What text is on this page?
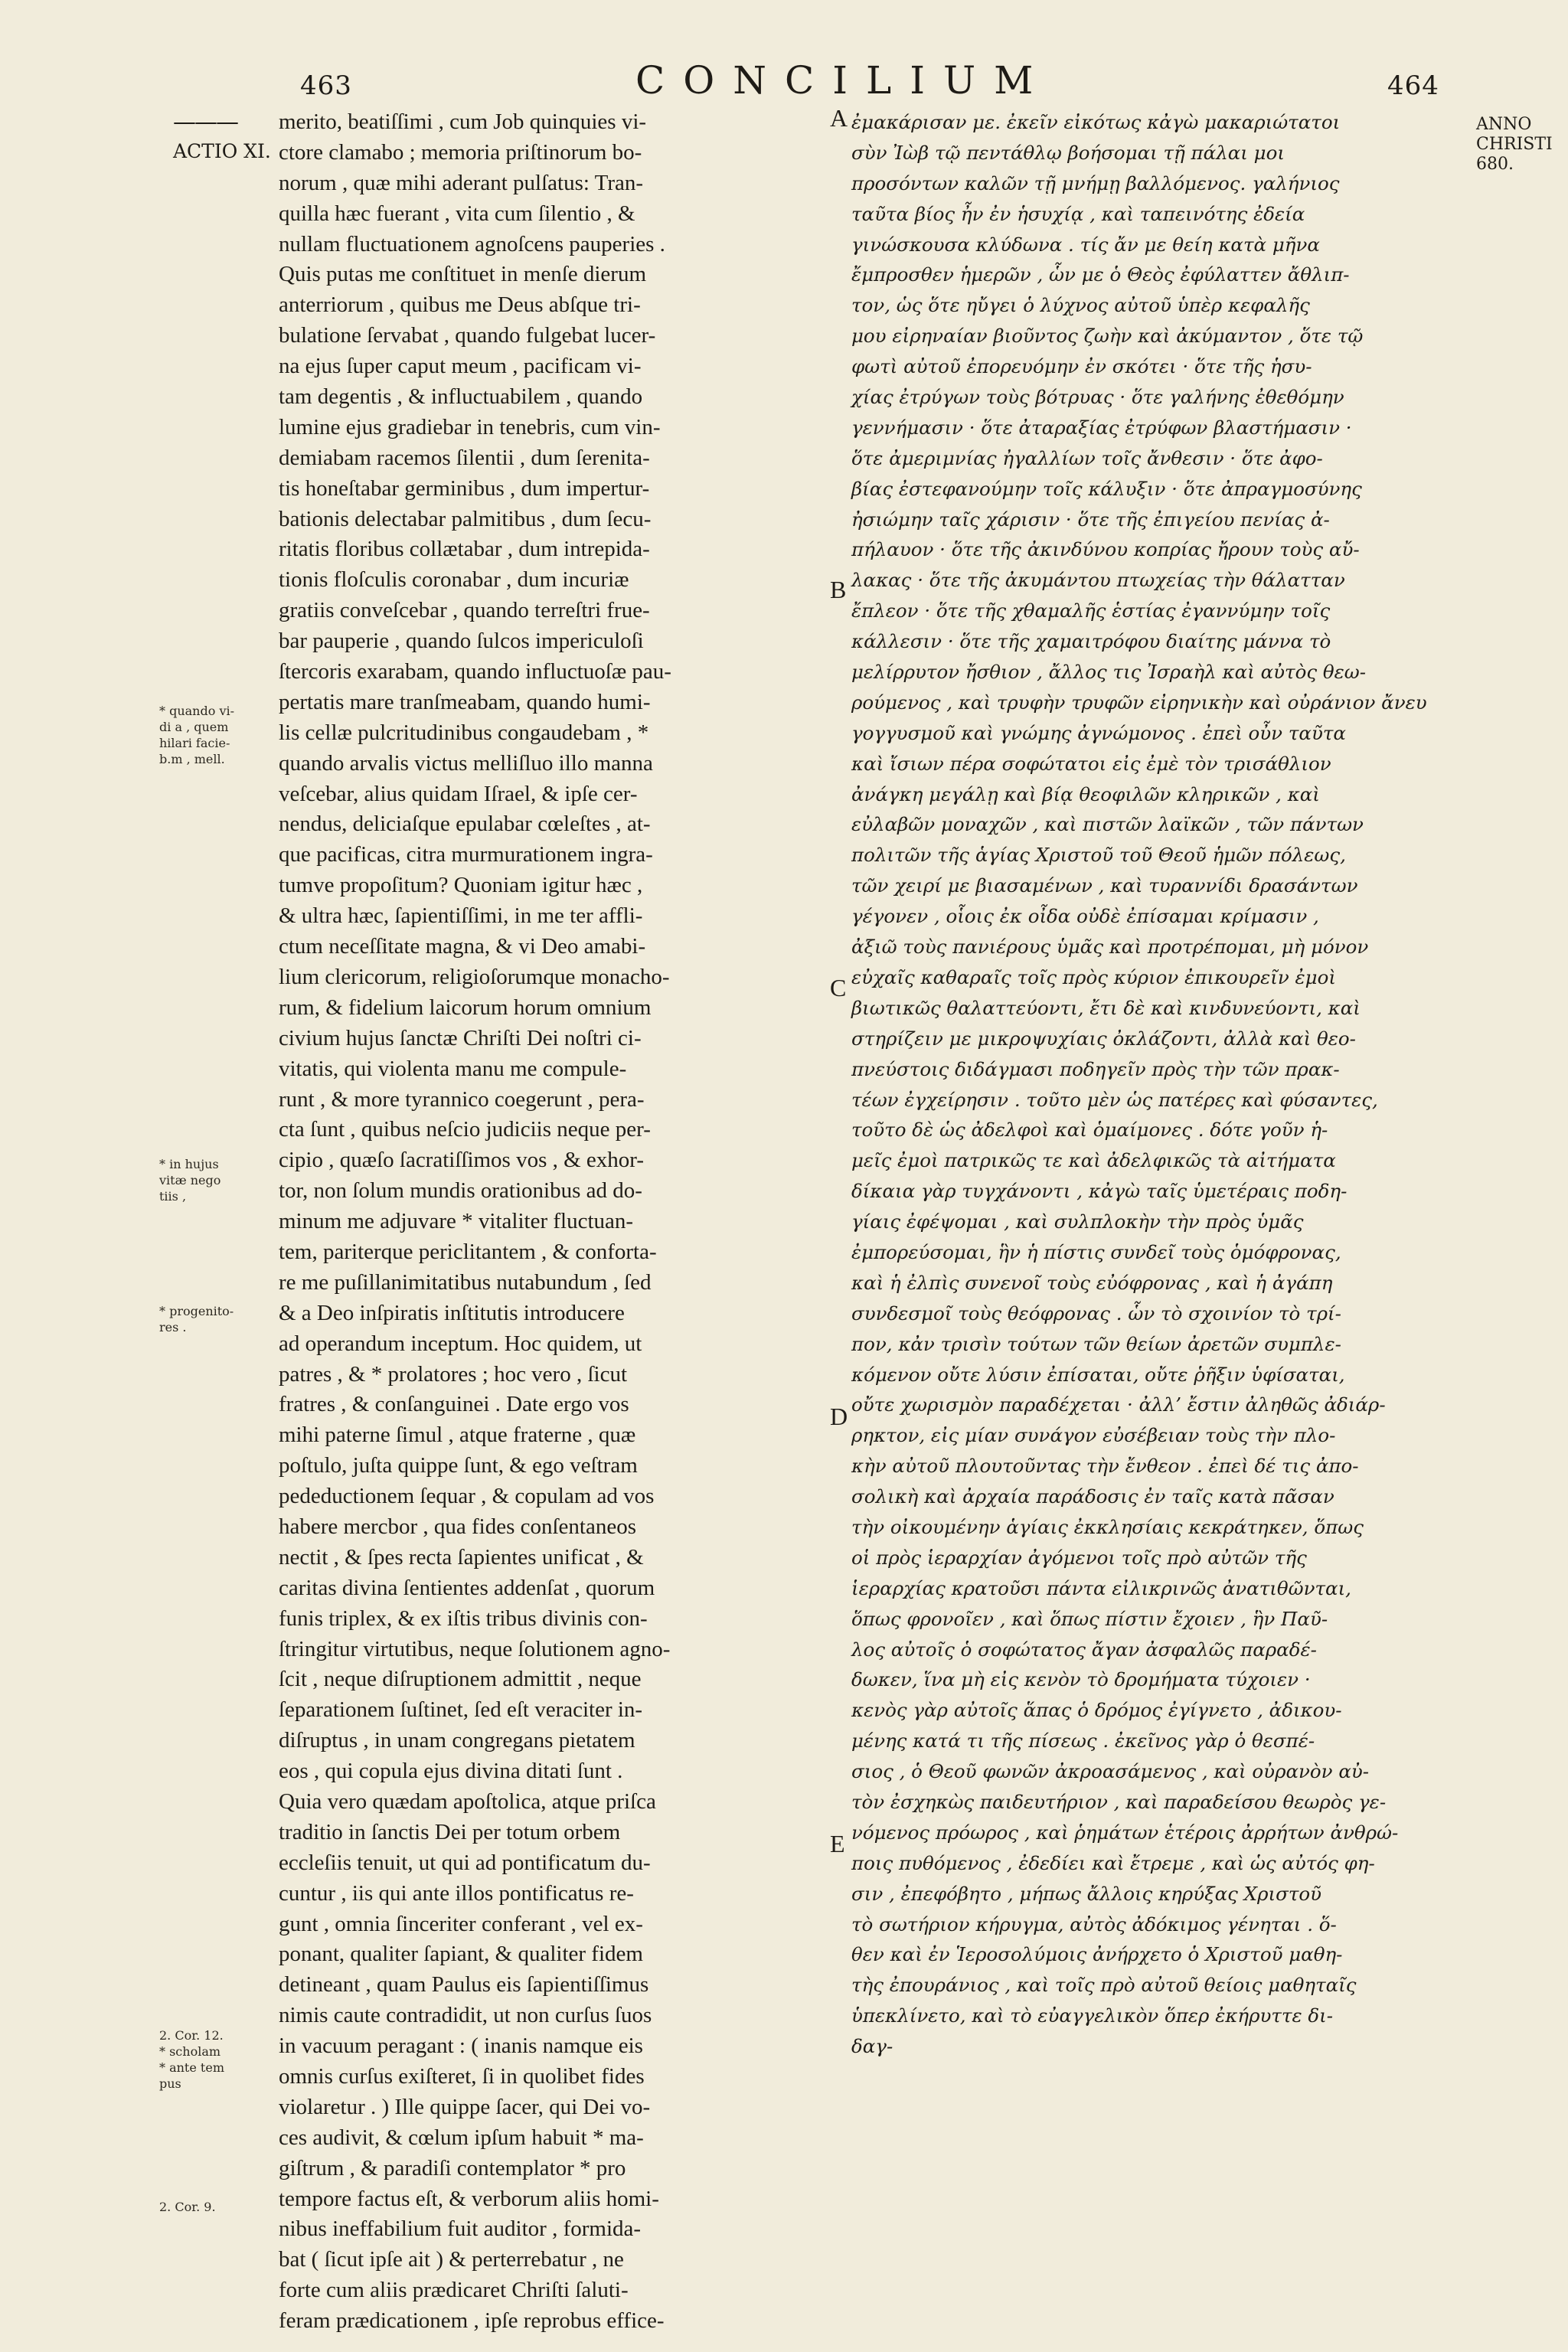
463	CONCILIUM	464
———
ACTIO XI.
ANNO
CHRISTI
680.
* quando vi-
di a , quem
hilari facie-
b.m , mell.
* in hujus
vitæ nego
tiis ,
* progenito-
res .
2. Cor. 12.
* scholam
* ante tem
pus
2. Cor. 9.
A
B
C
D
E
merito, beatiſſimi , cum Job quinquies vi-
ctore clamabo ; memoria priſtinorum bo-
norum , quæ mihi aderant pulſatus: Tran-
quilla hæc fuerant , vita cum ſilentio , &
nullam fluctuationem agnoſcens pauperies .
Quis putas me conſtituet in menſe dierum
anterriorum , quibus me Deus abſque tri-
bulatione ſervabat , quando fulgebat lucer-
na ejus ſuper caput meum , pacificam vi-
tam degentis , & influctuabilem , quando
lumine ejus gradiebar in tenebris, cum vin-
demiabam racemos ſilentii , dum ſerenita-
tis honeſtabar germinibus , dum impertur-
bationis delectabar palmitibus , dum ſecu-
ritatis floribus collætabar , dum intrepida-
tionis floſculis coronabar , dum incuriæ
gratiis conveſcebar , quando terreſtri frue-
bar pauperie , quando ſulcos impericuloſi
ſtercoris exarabam, quando influctuoſæ pau-
pertatis mare tranſmeabam, quando humi-
lis cellæ pulcritudinibus congaudebam , *
quando arvalis victus melliſluo illo manna
veſcebar, alius quidam Iſrael, & ipſe cer-
nendus, deliciaſque epulabar cœleſtes , at-
que pacificas, citra murmurationem ingra-
tumve propoſitum? Quoniam igitur hæc ,
& ultra hæc, ſapientiſſimi, in me ter affli-
ctum neceſſitate magna, & vi Deo amabi-
lium clericorum, religioſorumque monacho-
rum, & fidelium laicorum horum omnium
civium hujus ſanctæ Chriſti Dei noſtri ci-
vitatis, qui violenta manu me compule-
runt , & more tyrannico coegerunt , pera-
cta ſunt , quibus neſcio judiciis neque per-
cipio , quæſo ſacratiſſimos vos , & exhor-
tor, non ſolum mundis orationibus ad do-
minum me adjuvare * vitaliter fluctuan-
tem, pariterque periclitantem , & conforta-
re me puſillanimitatibus nutabundum , ſed
& a Deo inſpiratis inſtitutis introducere
ad operandum inceptum. Hoc quidem, ut
patres , & * prolatores ; hoc vero , ſicut
fratres , & conſanguinei . Date ergo vos
mihi paterne ſimul , atque fraterne , quæ
poſtulo, juſta quippe ſunt, & ego veſtram
pedeductionem ſequar , & copulam ad vos
habere mercbor , qua fides conſentaneos
nectit , & ſpes recta ſapientes unificat , &
caritas divina ſentientes addenſat , quorum
funis triplex, & ex iſtis tribus divinis con-
ſtringitur virtutibus, neque ſolutionem agno-
ſcit , neque diſruptionem admittit , neque
ſeparationem ſuſtinet, ſed eſt veraciter in-
diſruptus , in unam congregans pietatem
eos , qui copula ejus divina ditati ſunt .
Quia vero quædam apoſtolica, atque priſca
traditio in ſanctis Dei per totum orbem
eccleſiis tenuit, ut qui ad pontificatum du-
cuntur , iis qui ante illos pontificatus re-
gunt , omnia ſinceriter conferant , vel ex-
ponant, qualiter ſapiant, & qualiter fidem
detineant , quam Paulus eis ſapientiſſimus
nimis caute contradidit, ut non curſus ſuos
in vacuum peragant : ( inanis namque eis
omnis curſus exiſteret, ſi in quolibet fides
violaretur . ) Ille quippe ſacer, qui Dei vo-
ces audivit, & cœlum ipſum habuit * ma-
giſtrum , & paradiſi contemplator * pro
tempore factus eſt, & verborum aliis homi-
nibus ineffabilium fuit auditor , formida-
bat ( ſicut ipſe ait ) & perterrebatur , ne
forte cum aliis prædicaret Chriſti ſaluti-
feram prædicationem , ipſe reprobus effice-
ἐμακάρισαν με. ἐκεῖν εἰκότως κἀγὼ μακαριώτατοι
σὺν Ἰὼβ τῷ πεντάθλῳ βοήσομαι τῇ πάλαι μοι
προσόντων καλῶν τῇ μνήμῃ βαλλόμενος. γαλήνιος
ταῦτα βίος ἦν ἐν ἡσυχίᾳ , καὶ ταπεινότης ἐδεία
γινώσκουσα κλύδωνα . τίς ἄν με θείη κατὰ μῆνα
ἔμπροσθεν ἡμερῶν , ὧν με ὁ Θεὸς ἐφύλαττεν ἄθλιπ-
τον, ὡς ὅτε ηὔγει ὁ λύχνος αὐτοῦ ὑπὲρ κεφαλῆς
μου εἰρηναίαν βιοῦντος ζωὴν καὶ ἀκύμαντον , ὅτε τῷ
φωτὶ αὐτοῦ ἐπορευόμην ἐν σκότει · ὅτε τῆς ἡσυ-
χίας ἐτρύγων τοὺς βότρυας · ὅτε γαλήνης ἐθεθόμην
γεννήμασιν · ὅτε ἀταραξίας ἐτρύφων βλαστήμασιν ·
ὅτε ἀμεριμνίας ἠγαλλίων τοῖς ἄνθεσιν · ὅτε ἀφο-
βίας ἐστεφανούμην τοῖς κάλυξιν · ὅτε ἀπραγμοσύνης
ἠσιώμην ταῖς χάρισιν · ὅτε τῆς ἐπιγείου πενίας ἀ-
πήλαυον · ὅτε τῆς ἀκινδύνου κοπρίας ἤρουν τοὺς αὔ-
λακας · ὅτε τῆς ἀκυμάντου πτωχείας τὴν θάλατταν
ἔπλεον · ὅτε τῆς χθαμαλῆς ἑστίας ἐγαννύμην τοῖς
κάλλεσιν · ὅτε τῆς χαμαιτρόφου διαίτης μάννα τὸ
μελίρρυτον ἤσθιον , ἄλλος τις Ἰσραὴλ καὶ αὐτὸς θεω-
ρούμενος , καὶ τρυφὴν τρυφῶν εἰρηνικὴν καὶ οὐράνιον ἄνευ
γογγυσμοῦ καὶ γνώμης ἀγνώμονος . ἐπεὶ οὖν ταῦτα
καὶ ἴσιων πέρα σοφώτατοι εἰς ἐμὲ τὸν τρισάθλιον
ἀνάγκη μεγάλῃ καὶ βίᾳ θεοφιλῶν κληρικῶν , καὶ
εὐλαβῶν μοναχῶν , καὶ πιστῶν λαϊκῶν , τῶν πάντων
πολιτῶν τῆς ἁγίας Χριστοῦ τοῦ Θεοῦ ἡμῶν πόλεως,
τῶν χειρί με βιασαμένων , καὶ τυραννίδι δρασάντων
γέγονεν , οἷοις ἐκ οἶδα οὐδὲ ἐπίσαμαι κρίμασιν ,
ἀξιῶ τοὺς πανιέρους ὑμᾶς καὶ προτρέπομαι, μὴ μόνον
εὐχαῖς καθαραῖς τοῖς πρὸς κύριον ἐπικουρεῖν ἐμοὶ
βιωτικῶς θαλαττεύοντι, ἔτι δὲ καὶ κινδυνεύοντι, καὶ
στηρίζειν με μικροψυχίαις ὀκλάζοντι, ἀλλὰ καὶ θεο-
πνεύστοις διδάγμασι ποδηγεῖν πρὸς τὴν τῶν πρακ-
τέων ἐγχείρησιν . τοῦτο μὲν ὡς πατέρες καὶ φύσαντες,
τοῦτο δὲ ὡς ἀδελφοὶ καὶ ὁμαίμονες . δότε γοῦν ἡ-
μεῖς ἐμοὶ πατρικῶς τε καὶ ἀδελφικῶς τὰ αἰτήματα
δίκαια γὰρ τυγχάνοντι , κἀγὼ ταῖς ὑμετέραις ποδη-
γίαις ἐφέψομαι , καὶ συλπλοκὴν τὴν πρὸς ὑμᾶς
ἐμπορεύσομαι, ἣν ἡ πίστις συνδεῖ τοὺς ὁμόφρονας,
καὶ ἡ ἐλπὶς συνενοῖ τοὺς εὐόφρονας , καὶ ἡ ἀγάπη
συνδεσμοῖ τοὺς θεόφρονας . ὧν τὸ σχοινίον τὸ τρί-
πον, κἀν τρισὶν τούτων τῶν θείων ἀρετῶν συμπλε-
κόμενον οὔτε λύσιν ἐπίσαται, οὔτε ῥῆξιν ὑφίσαται,
οὔτε χωρισμὸν παραδέχεται · ἀλλ’ ἔστιν ἀληθῶς ἀδιάρ-
ρηκτον, εἰς μίαν συνάγον εὐσέβειαν τοὺς τὴν πλο-
κὴν αὐτοῦ πλουτοῦντας τὴν ἔνθεον . ἐπεὶ δέ τις ἀπο-
σολικὴ καὶ ἀρχαία παράδοσις ἐν ταῖς κατὰ πᾶσαν
τὴν οἰκουμένην ἁγίαις ἐκκλησίαις κεκράτηκεν, ὅπως
οἱ πρὸς ἱεραρχίαν ἀγόμενοι τοῖς πρὸ αὐτῶν τῆς
ἱεραρχίας κρατοῦσι πάντα εἰλικρινῶς ἀνατιθῶνται,
ὅπως φρονοῖεν , καὶ ὅπως πίστιν ἔχοιεν , ἣν Παῦ-
λος αὐτοῖς ὁ σοφώτατος ἄγαν ἀσφαλῶς παραδέ-
δωκεν, ἵνα μὴ εἰς κενὸν τὸ δρομήματα τύχοιεν ·
κενὸς γὰρ αὐτοῖς ἅπας ὁ δρόμος ἐγίγνετο , ἀδικου-
μένης κατά τι τῆς πίσεως . ἐκεῖνος γὰρ ὁ θεσπέ-
σιος , ὁ Θεοῦ φωνῶν ἀκροασάμενος , καὶ οὐρανὸν αὐ-
τὸν ἐσχηκὼς παιδευτήριον , καὶ παραδείσου θεωρὸς γε-
νόμενος πρόωρος , καὶ ῥημάτων ἑτέροις ἀρρήτων ἀνθρώ-
ποις πυθόμενος , ἐδεδίει καὶ ἔτρεμε , καὶ ὡς αὐτός φη-
σιν , ἐπεφόβητο , μήπως ἄλλοις κηρύξας Χριστοῦ
τὸ σωτήριον κήρυγμα, αὐτὸς ἀδόκιμος γένηται . ὅ-
θεν καὶ ἐν Ἱεροσολύμοις ἀνήρχετο ὁ Χριστοῦ μαθη-
τὴς ἐπουράνιος , καὶ τοῖς πρὸ αὐτοῦ θείοις μαθηταῖς
ὑπεκλίνετο, καὶ τὸ εὐαγγελικὸν ὅπερ ἐκήρυττε δι-
δαγ-
